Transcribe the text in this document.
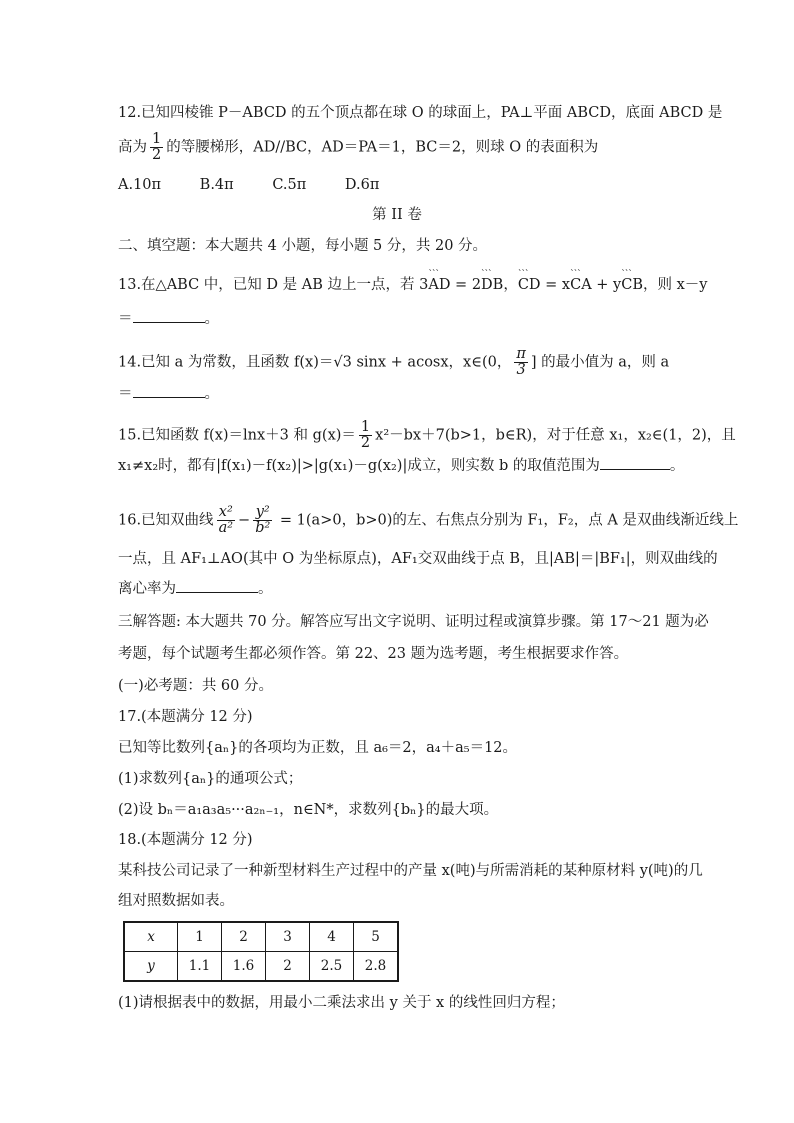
12.已知四棱锥 P－ABCD 的五个顶点都在球 O 的球面上，PA⊥平面 ABCD，底面 ABCD 是
高为 $\frac{1}{2}$ 的等腰梯形，AD//BC，AD＝PA＝1，BC＝2，则球 O 的表面积为
A.10π	B.4π	C.5π	D.6π
第 II 卷
二、填空题：本大题共 4 小题，每小题 5 分，共 20 分。
13.在△ABC 中，已知 D 是 AB 边上一点，若 3``` AD = 2``` DB，``` CD = x``` CA + y``` CB，则 x－y
＝	。
14.已知 a 为常数，且函数 f(x)＝√3 sinx + acosx，x∈(0， $\frac{\pi}{3}$ ] 的最小值为 a，则 a
＝	。
15.已知函数 f(x)＝lnx＋3 和 $g(x)= \frac{1}{2} x^2-bx+7(b>1$，b∈R)，对于任意 x₁，x₂∈(1，2)，且
x₁≠x₂时，都有|f(x₁)－f(x₂)|>|g(x₁)－g(x₂)|成立，则实数 b 的取值范围为	。
16.已知双曲线 $\frac{\text{x²}}{\text{a²}} - \frac{\text{y²}}{\text{b²}} = 1(a>0$，b>0)的左、右焦点分别为 F₁，F₂，点 A 是双曲线渐近线上
一点，且 AF₁⊥AO(其中 O 为坐标原点)，AF₁交双曲线于点 B，且|AB|＝|BF₁|，则双曲线的
离心率为	。
三解答题: 本大题共 70 分。解答应写出文字说明、证明过程或演算步骤。第 17～21 题为必
考题，每个试题考生都必须作答。第 22、23 题为选考题，考生根据要求作答。
(一)必考题：共 60 分。
17.(本题满分 12 分)
已知等比数列{aₙ}的各项均为正数，且 a₆＝2，a₄＋a₅＝12。
(1)求数列{aₙ}的通项公式；
(2)设 bₙ＝a₁a₃a₅···a₂ₙ₋₁，n∈N*，求数列{bₙ}的最大项。
18.(本题满分 12 分)
某科技公司记录了一种新型材料生产过程中的产量 x(吨)与所需消耗的某种原材料 y(吨)的几
组对照数据如表。
x	1	2	3	4	5
y	1.1	1.6	2	2.5	2.8
(1)请根据表中的数据，用最小二乘法求出 y 关于 x 的线性回归方程；
